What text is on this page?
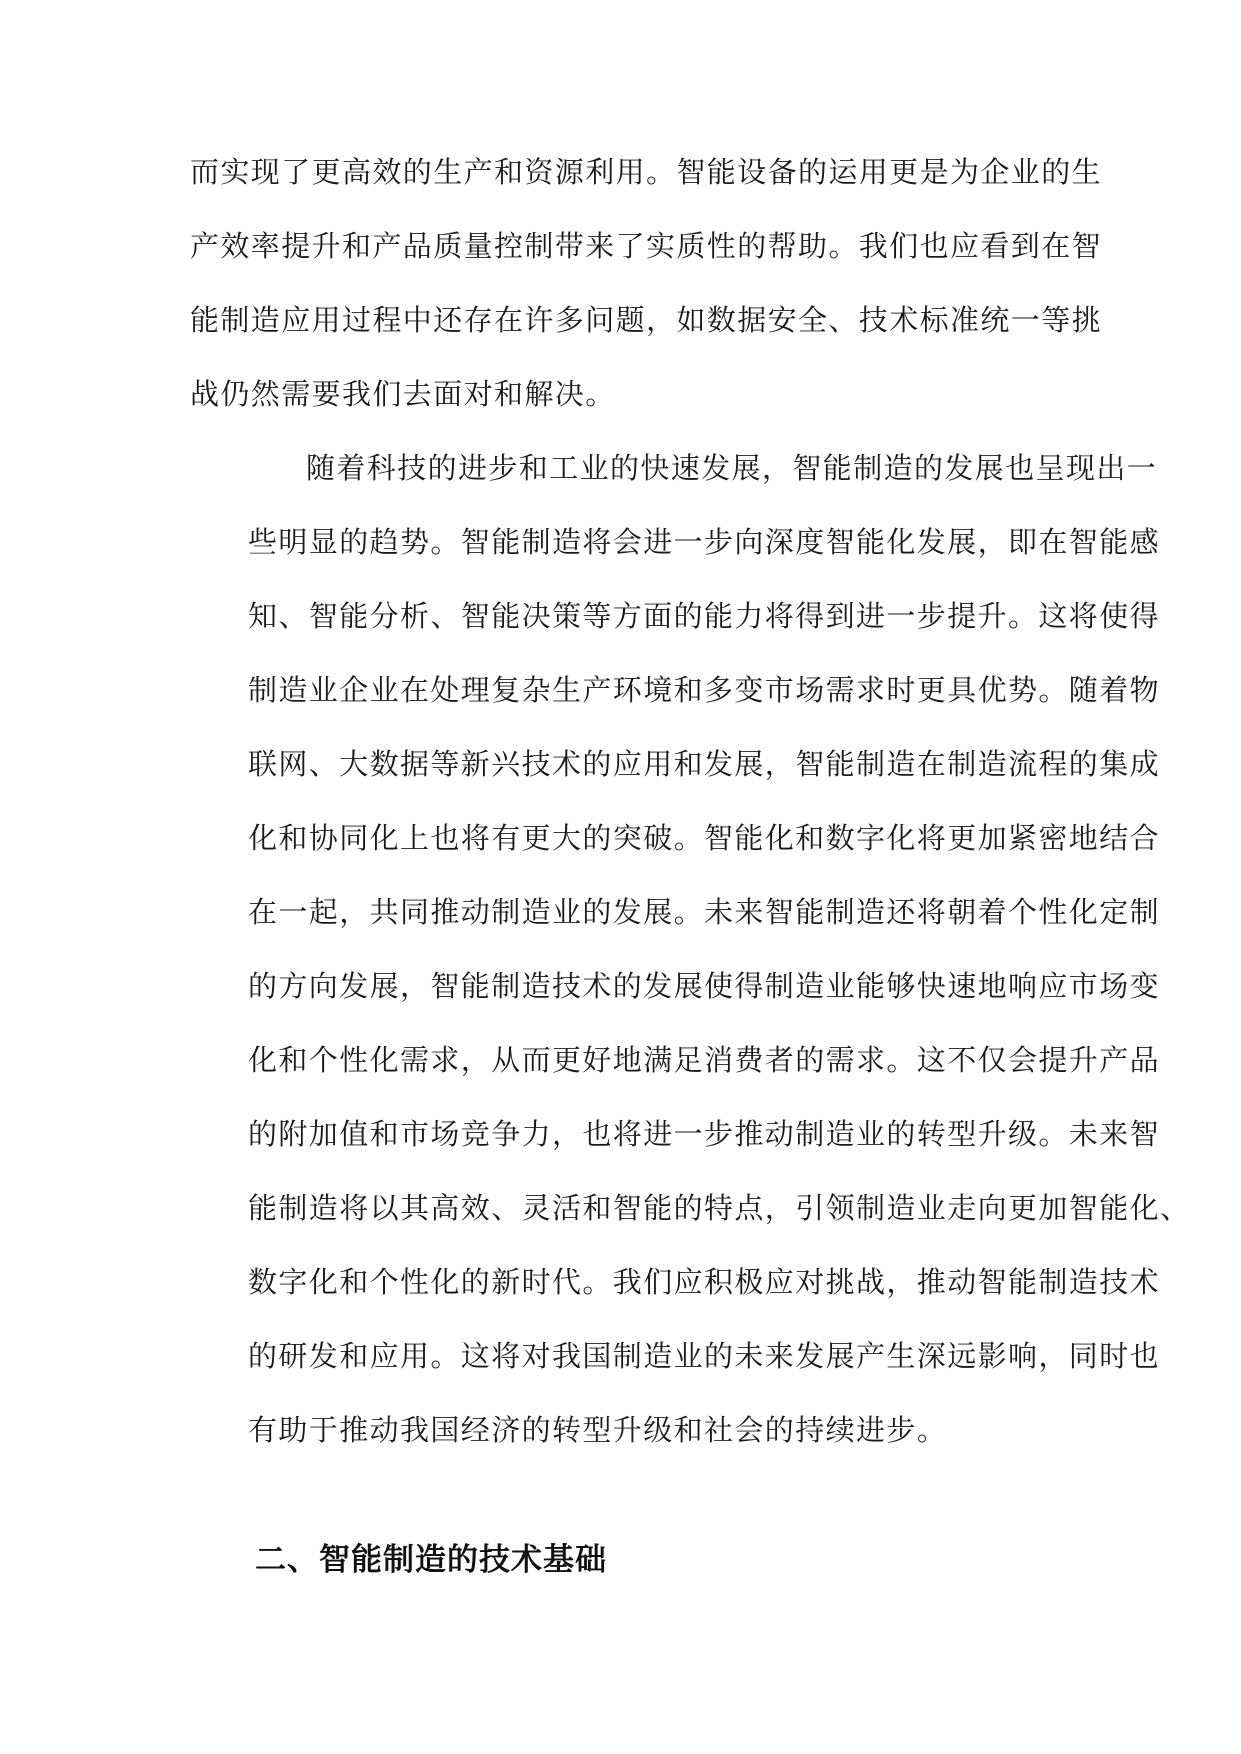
而实现了更高效的生产和资源利用。智能设备的运用更是为企业的生
产效率提升和产品质量控制带来了实质性的帮助。我们也应看到在智
能制造应用过程中还存在许多问题，如数据安全、技术标准统一等挑
战仍然需要我们去面对和解决。
随着科技的进步和工业的快速发展，智能制造的发展也呈现出一
些明显的趋势。智能制造将会进一步向深度智能化发展，即在智能感
知、智能分析、智能决策等方面的能力将得到进一步提升。这将使得
制造业企业在处理复杂生产环境和多变市场需求时更具优势。随着物
联网、大数据等新兴技术的应用和发展，智能制造在制造流程的集成
化和协同化上也将有更大的突破。智能化和数字化将更加紧密地结合
在一起，共同推动制造业的发展。未来智能制造还将朝着个性化定制
的方向发展，智能制造技术的发展使得制造业能够快速地响应市场变
化和个性化需求，从而更好地满足消费者的需求。这不仅会提升产品
的附加值和市场竞争力，也将进一步推动制造业的转型升级。未来智
能制造将以其高效、灵活和智能的特点，引领制造业走向更加智能化、
数字化和个性化的新时代。我们应积极应对挑战，推动智能制造技术
的研发和应用。这将对我国制造业的未来发展产生深远影响，同时也
有助于推动我国经济的转型升级和社会的持续进步。
二、智能制造的技术基础
